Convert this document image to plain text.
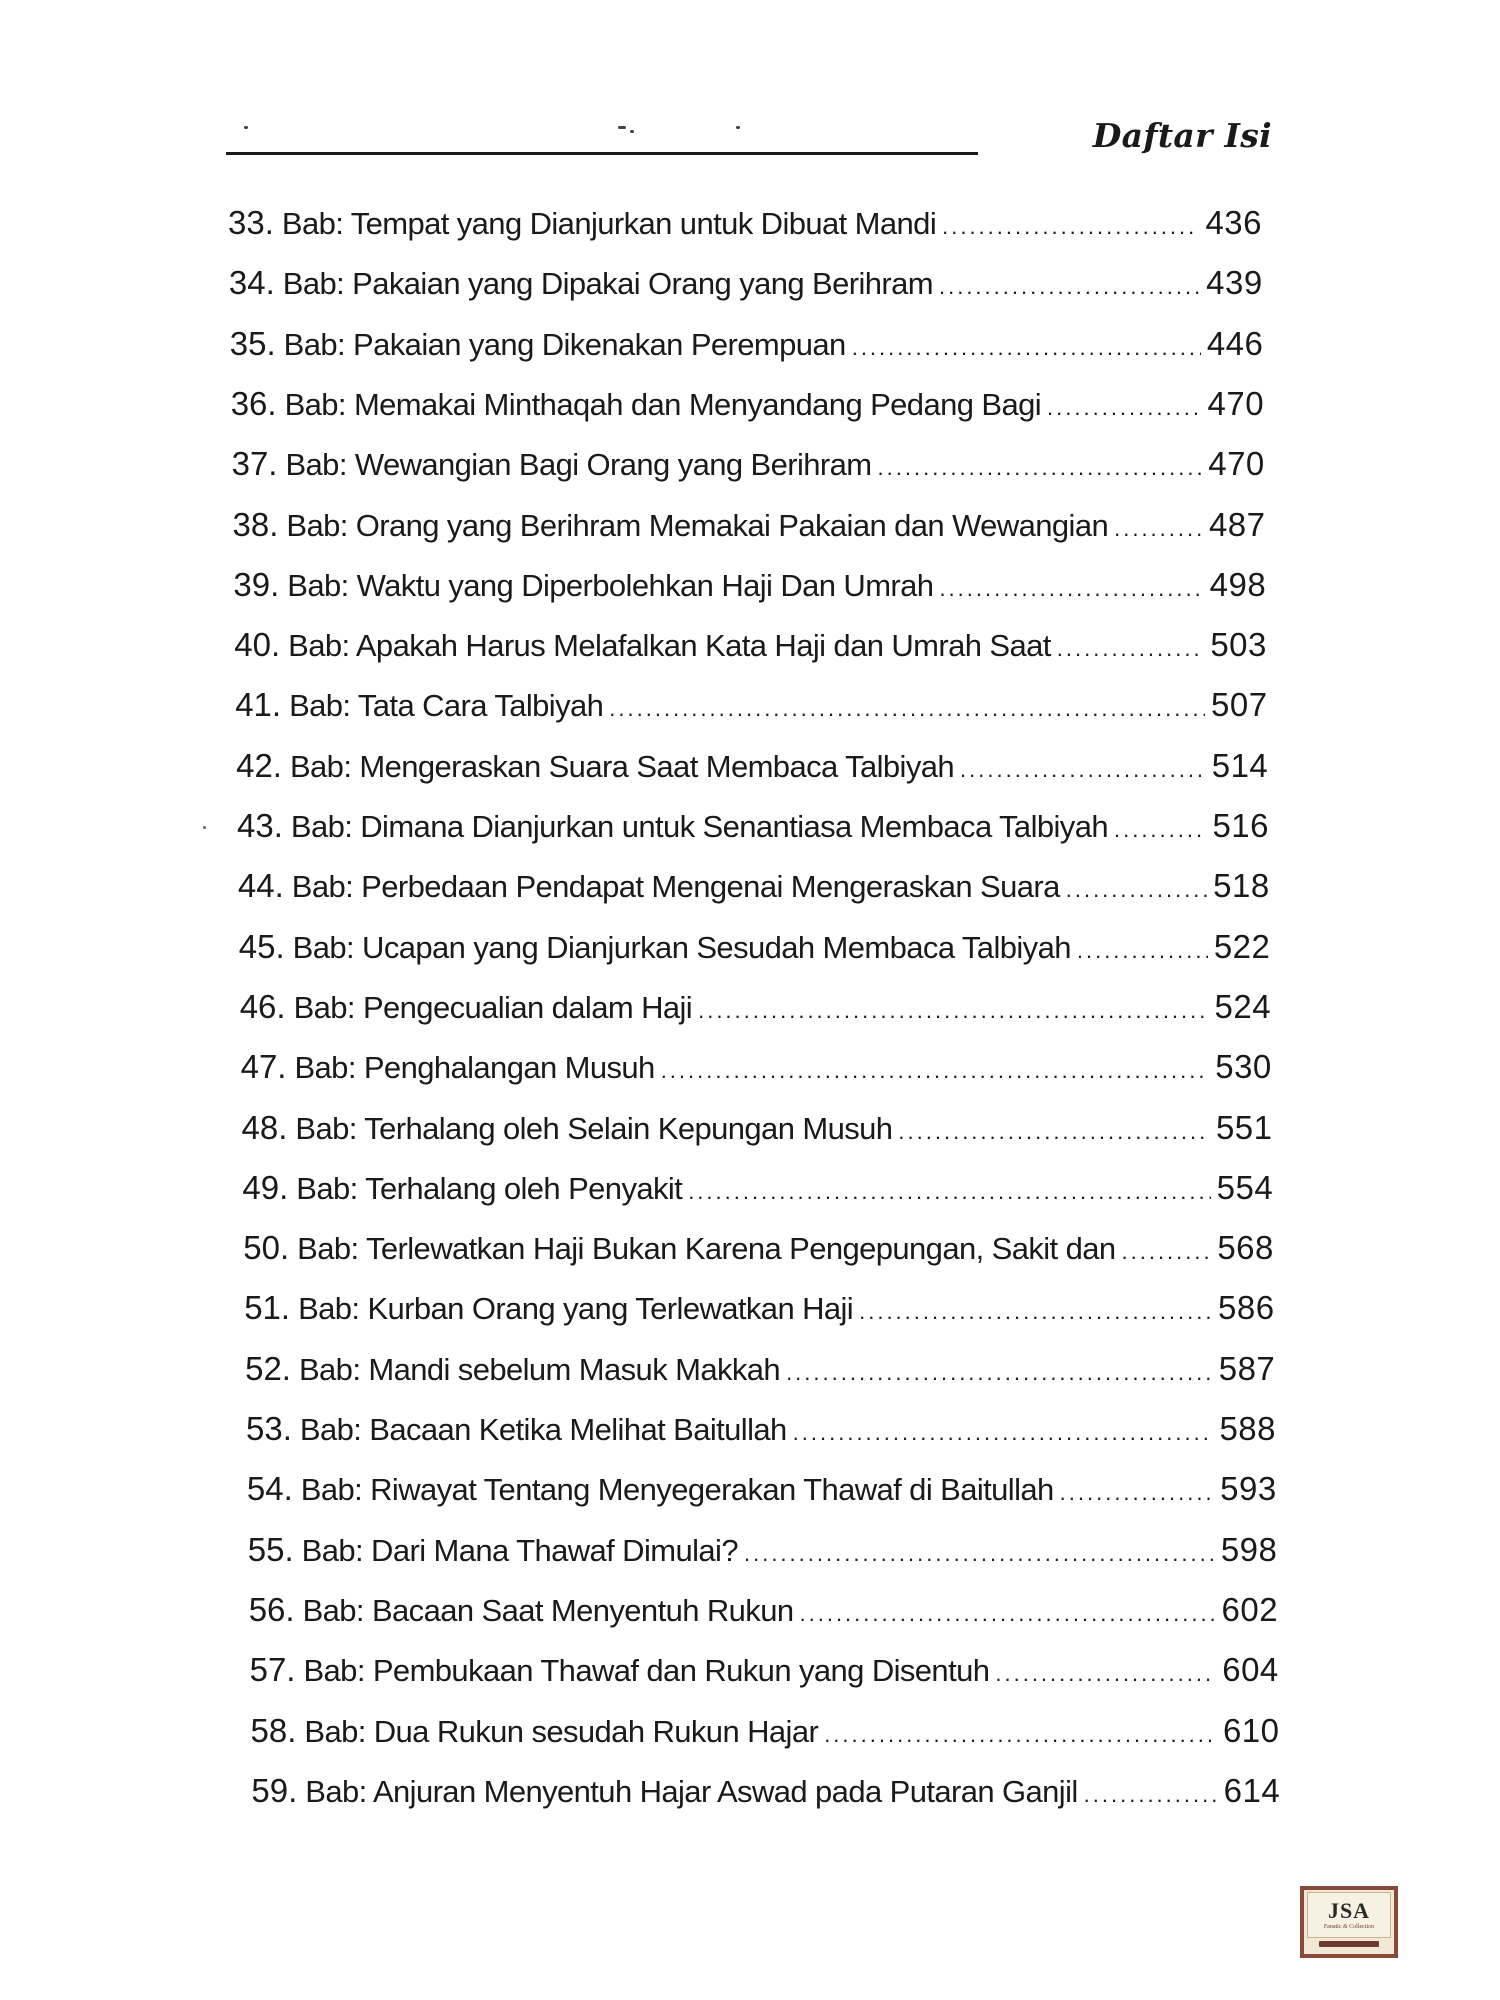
Daftar Isi
33. Bab: Tempat yang Dianjurkan untuk Dibuat Mandi .....	436
34. Bab: Pakaian yang Dipakai Orang yang Berihram .....	439
35. Bab: Pakaian yang Dikenakan Perempuan .....	446
36. Bab: Memakai Minthaqah dan Menyandang Pedang Bagi .....	470
37. Bab: Wewangian Bagi Orang yang Berihram .....	470
38. Bab: Orang yang Berihram Memakai Pakaian dan Wewangian .....	487
39. Bab: Waktu yang Diperbolehkan Haji Dan Umrah .....	498
40. Bab: Apakah Harus Melafalkan Kata Haji dan Umrah Saat .....	503
41. Bab: Tata Cara Talbiyah .....	507
42. Bab: Mengeraskan Suara Saat Membaca Talbiyah .....	514
43. Bab: Dimana Dianjurkan untuk Senantiasa Membaca Talbiyah .....	516
44. Bab: Perbedaan Pendapat Mengenai Mengeraskan Suara .....	518
45. Bab: Ucapan yang Dianjurkan Sesudah Membaca Talbiyah .....	522
46. Bab: Pengecualian dalam Haji .....	524
47. Bab: Penghalangan Musuh .....	530
48. Bab: Terhalang oleh Selain Kepungan Musuh .....	551
49. Bab: Terhalang oleh Penyakit .....	554
50. Bab: Terlewatkan Haji Bukan Karena Pengepungan, Sakit dan .....	568
51. Bab: Kurban Orang yang Terlewatkan Haji .....	586
52. Bab: Mandi sebelum Masuk Makkah .....	587
53. Bab: Bacaan Ketika Melihat Baitullah .....	588
54. Bab: Riwayat Tentang Menyegerakan Thawaf di Baitullah .....	593
55. Bab: Dari Mana Thawaf Dimulai? .....	598
56. Bab: Bacaan Saat Menyentuh Rukun .....	602
57. Bab: Pembukaan Thawaf dan Rukun yang Disentuh .....	604
58. Bab: Dua Rukun sesudah Rukun Hajar .....	610
59. Bab: Anjuran Menyentuh Hajar Aswad pada Putaran Ganjil .....	614
JSA
Fanatic & Collection
